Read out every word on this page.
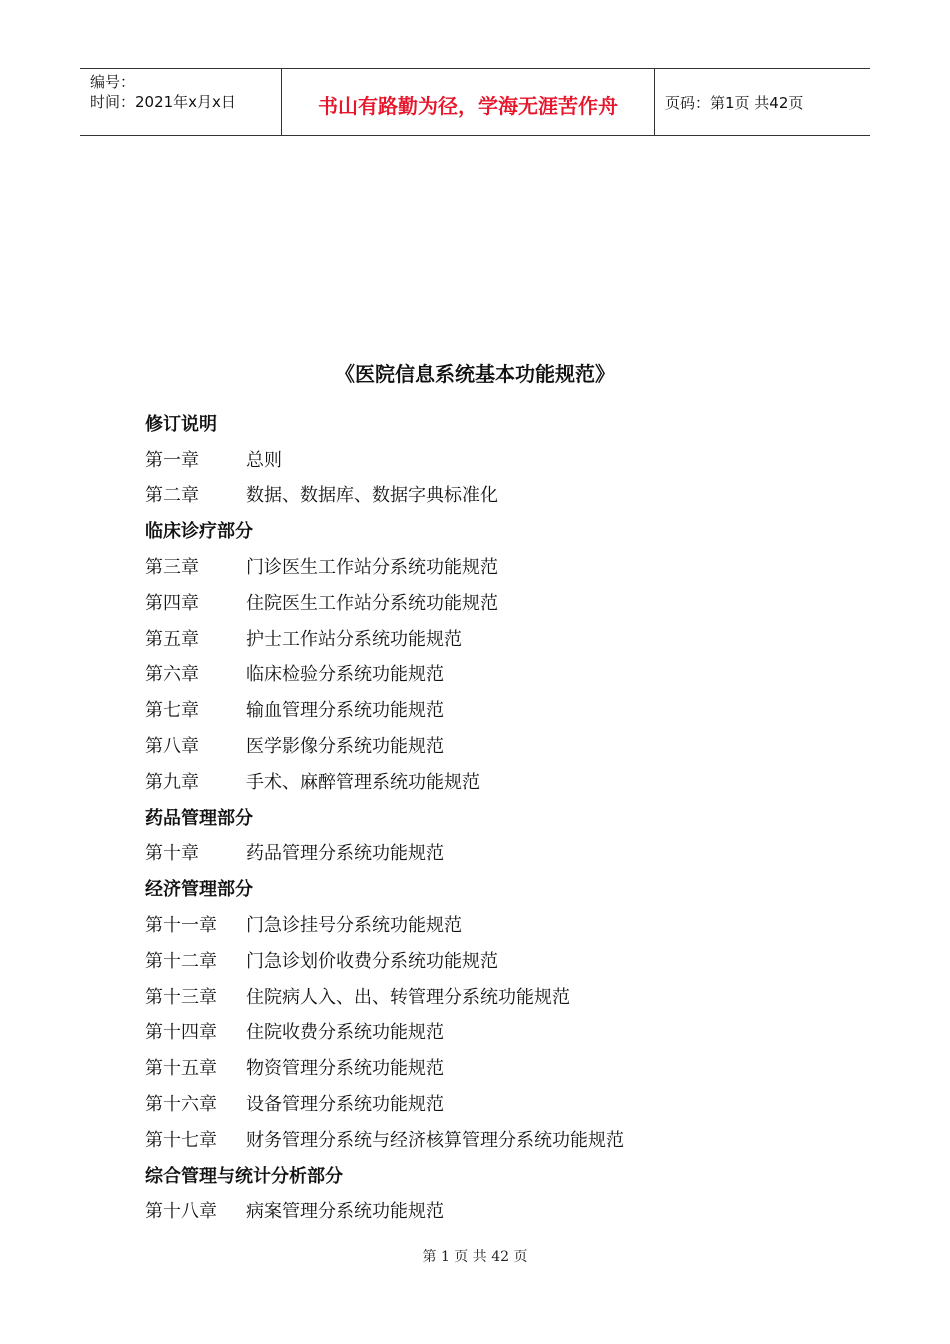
编号：
时间：2021年x月x日	书山有路勤为径，学海无涯苦作舟	页码：第1页 共42页
《医院信息系统基本功能规范》
修订说明
第一章	总则
第二章	数据、数据库、数据字典标准化
临床诊疗部分
第三章	门诊医生工作站分系统功能规范
第四章	住院医生工作站分系统功能规范
第五章	护士工作站分系统功能规范
第六章	临床检验分系统功能规范
第七章	输血管理分系统功能规范
第八章	医学影像分系统功能规范
第九章	手术、麻醉管理系统功能规范
药品管理部分
第十章	药品管理分系统功能规范
经济管理部分
第十一章	门急诊挂号分系统功能规范
第十二章	门急诊划价收费分系统功能规范
第十三章	住院病人入、出、转管理分系统功能规范
第十四章	住院收费分系统功能规范
第十五章	物资管理分系统功能规范
第十六章	设备管理分系统功能规范
第十七章	财务管理分系统与经济核算管理分系统功能规范
综合管理与统计分析部分
第十八章	病案管理分系统功能规范
第 1 页 共 42 页
